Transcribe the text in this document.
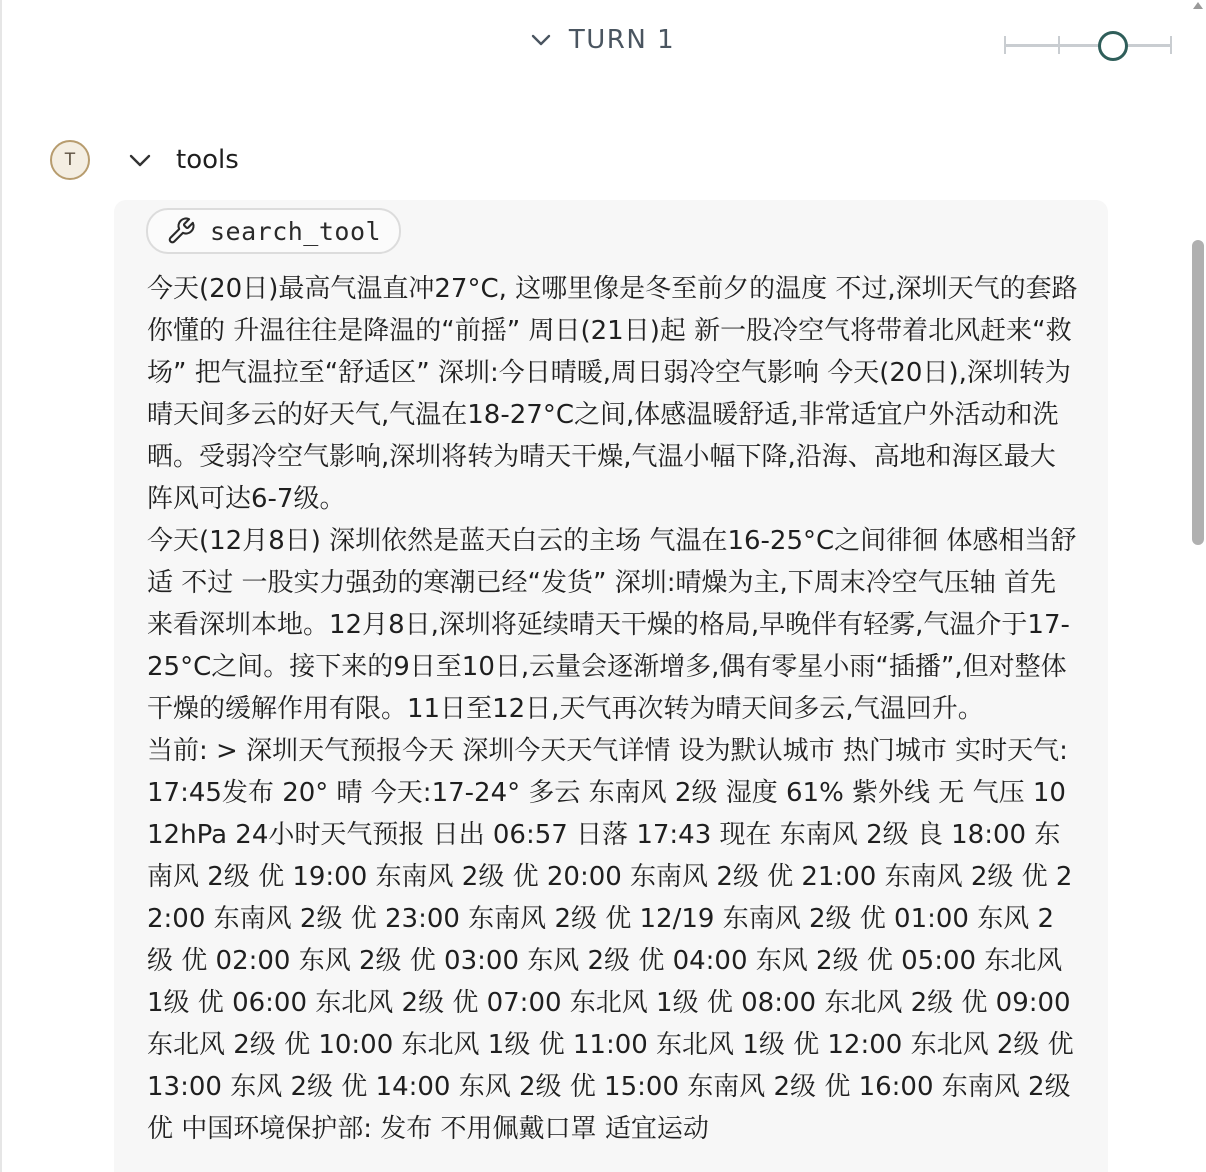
TURN 1
T	tools
search_tool

今天(20日)最高气温直冲27°C, 这哪里像是冬至前夕的温度 不过,深圳天气的套路你懂的 升温往往是降温的“前摇” 周日(21日)起 新一股冷空气将带着北风赶来“救场” 把气温拉至“舒适区” 深圳:今日晴暖,周日弱冷空气影响 今天(20日),深圳转为晴天间多云的好天气,气温在18-27°C之间,体感温暖舒适,非常适宜户外活动和洗晒。受弱冷空气影响,深圳将转为晴天干燥,气温小幅下降,沿海、高地和海区最大阵风可达6-7级。

今天(12月8日) 深圳依然是蓝天白云的主场 气温在16-25°C之间徘徊 体感相当舒适 不过 一股实力强劲的寒潮已经“发货” 深圳:晴燥为主,下周末冷空气压轴 首先来看深圳本地。12月8日,深圳将延续晴天干燥的格局,早晚伴有轻雾,气温介于17-25°C之间。接下来的9日至10日,云量会逐渐增多,偶有零星小雨“插播”,但对整体干燥的缓解作用有限。11日至12日,天气再次转为晴天间多云,气温回升。

当前: > 深圳天气预报今天 深圳今天天气详情 设为默认城市 热门城市 实时天气:17:45发布 20° 晴 今天:17-24° 多云 东南风 2级 湿度 61% 紫外线 无 气压 1012hPa 24小时天气预报 日出 06:57 日落 17:43 现在 东南风 2级 良 18:00 东南风 2级 优 19:00 东南风 2级 优 20:00 东南风 2级 优 21:00 东南风 2级 优 22:00 东南风 2级 优 23:00 东南风 2级 优 12/19 东南风 2级 优 01:00 东风 2级 优 02:00 东风 2级 优 03:00 东风 2级 优 04:00 东风 2级 优 05:00 东北风 1级 优 06:00 东北风 2级 优 07:00 东北风 1级 优 08:00 东北风 2级 优 09:00 东北风 2级 优 10:00 东北风 1级 优 11:00 东北风 1级 优 12:00 东北风 2级 优 13:00 东风 2级 优 14:00 东风 2级 优 15:00 东南风 2级 优 16:00 东南风 2级 优 中国环境保护部: 发布 不用佩戴口罩 适宜运动
